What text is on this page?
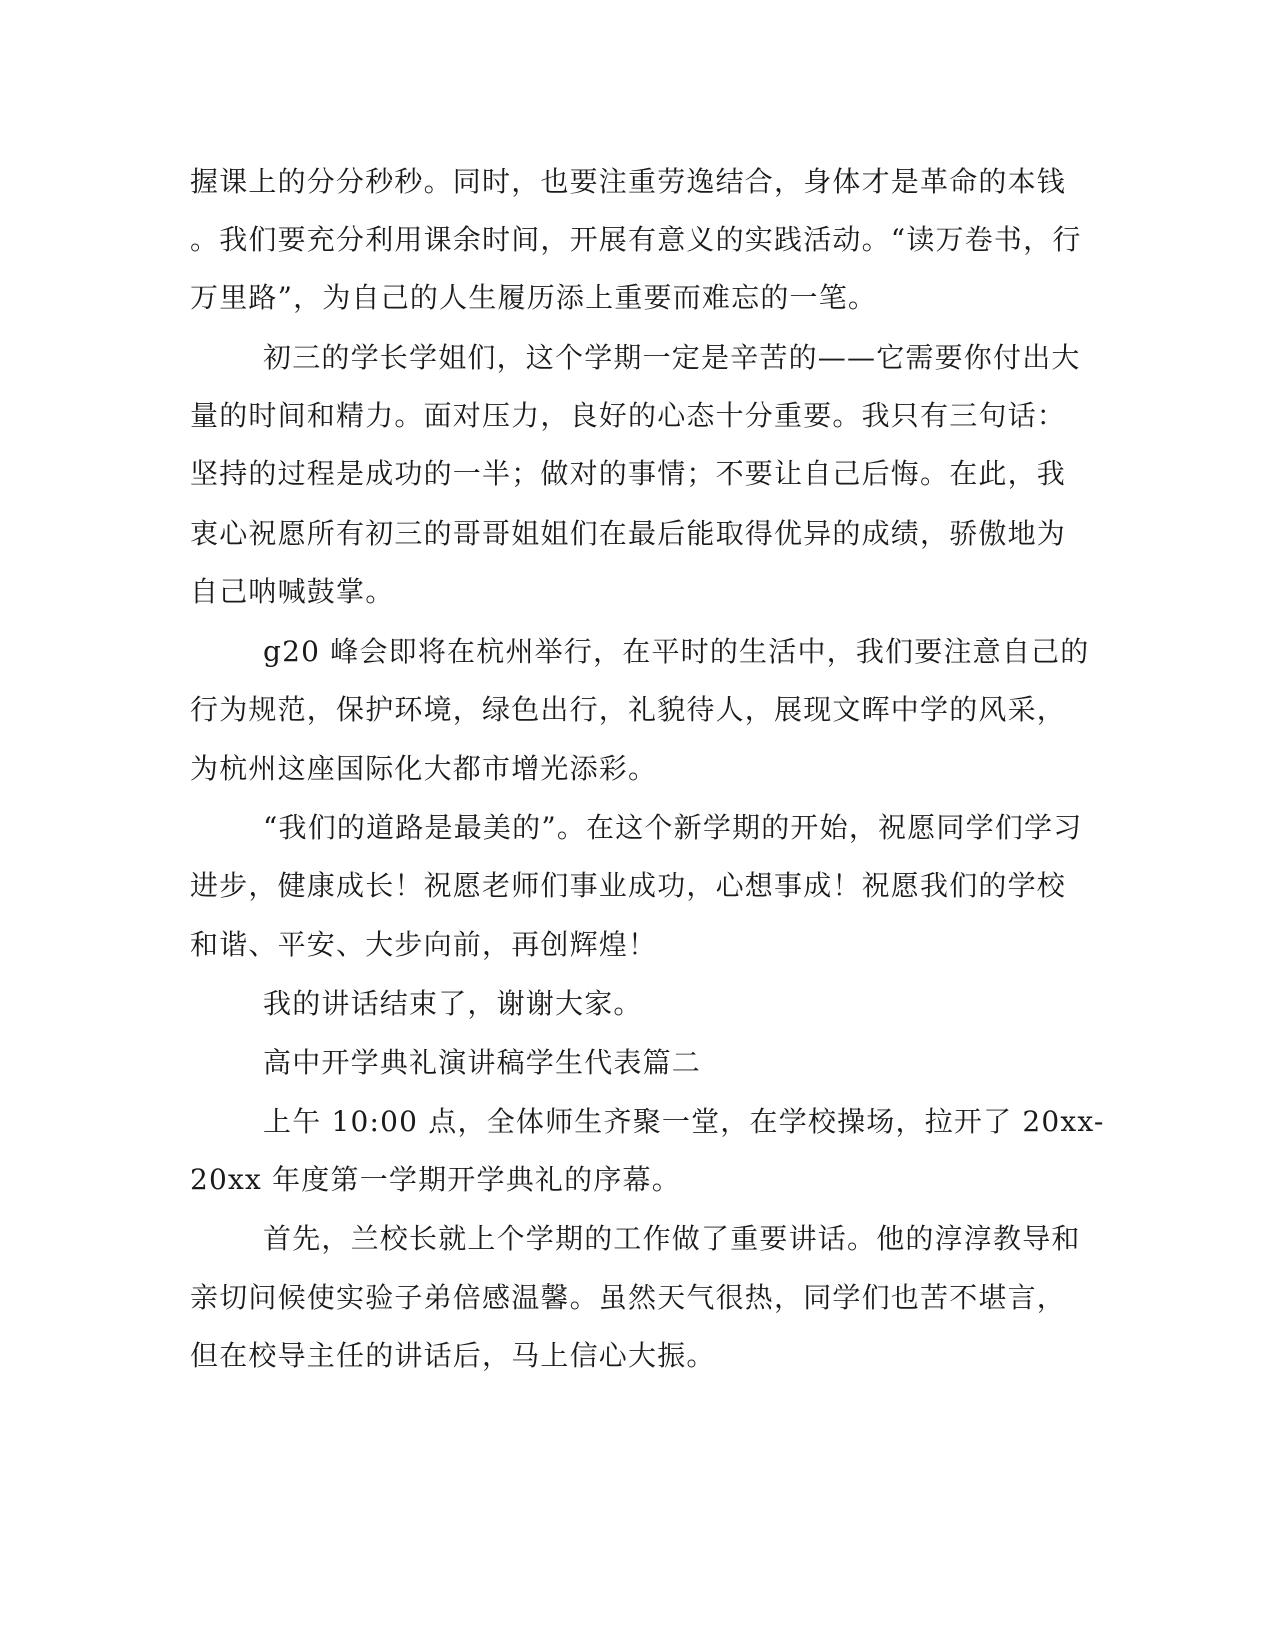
握课上的分分秒秒。同时，也要注重劳逸结合，身体才是革命的本钱
。我们要充分利用课余时间，开展有意义的实践活动。“读万卷书，行
万里路”，为自己的人生履历添上重要而难忘的一笔。
初三的学长学姐们，这个学期一定是辛苦的——它需要你付出大
量的时间和精力。面对压力，良好的心态十分重要。我只有三句话：
坚持的过程是成功的一半；做对的事情；不要让自己后悔。在此，我
衷心祝愿所有初三的哥哥姐姐们在最后能取得优异的成绩，骄傲地为
自己呐喊鼓掌。
g20 峰会即将在杭州举行，在平时的生活中，我们要注意自己的
行为规范，保护环境，绿色出行，礼貌待人，展现文晖中学的风采，
为杭州这座国际化大都市增光添彩。
“我们的道路是最美的”。在这个新学期的开始，祝愿同学们学习
进步，健康成长！祝愿老师们事业成功，心想事成！祝愿我们的学校
和谐、平安、大步向前，再创辉煌！
我的讲话结束了，谢谢大家。
高中开学典礼演讲稿学生代表篇二
上午 10:00 点，全体师生齐聚一堂，在学校操场，拉开了 20xx-
20xx 年度第一学期开学典礼的序幕。
首先，兰校长就上个学期的工作做了重要讲话。他的淳淳教导和
亲切问候使实验子弟倍感温馨。虽然天气很热，同学们也苦不堪言，
但在校导主任的讲话后，马上信心大振。
